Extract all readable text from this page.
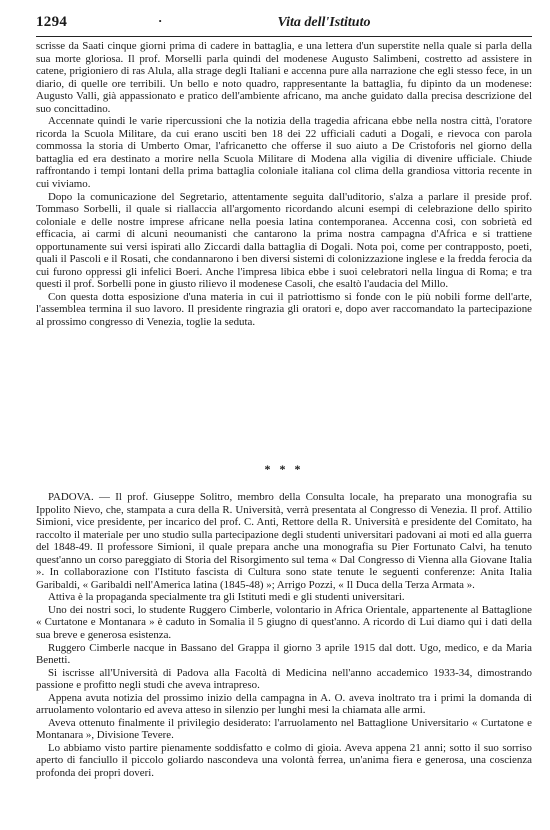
1294	·	Vita dell'Istituto

scrisse da Saati cinque giorni prima di cadere in battaglia, e una lettera d'un superstite nella quale si parla della sua morte gloriosa. Il prof. Morselli parla quindi del modenese Augusto Salimbeni, costretto ad assistere in catene, prigioniero di ras Alula, alla strage degli Italiani e accenna pure alla narrazione che egli stesso fece, in un diario, di quelle ore terribili. Un bello e noto quadro, rappresentante la battaglia, fu dipinto da un modenese: Augusto Valli, già appassionato e pratico dell'ambiente africano, ma anche guidato dalla precisa descrizione del suo concittadino.

Accennate quindi le varie ripercussioni che la notizia della tragedia africana ebbe nella nostra città, l'oratore ricorda la Scuola Militare, da cui erano usciti ben 18 dei 22 ufficiali caduti a Dogali, e rievoca con parola commossa la storia di Umberto Omar, l'africanetto che offerse il suo aiuto a De Cristoforis nel giorno della battaglia ed era destinato a morire nella Scuola Militare di Modena alla vigilia di divenire ufficiale. Chiude raffrontando i tempi lontani della prima battaglia coloniale italiana col clima della grandiosa vittoria recente in cui viviamo.

Dopo la comunicazione del Segretario, attentamente seguita dall'uditorio, s'alza a parlare il preside prof. Tommaso Sorbelli, il quale si riallaccia all'argomento ricordando alcuni esempi di celebrazione dello spirito coloniale e delle nostre imprese africane nella poesia latina contemporanea. Accenna così, con sobrietà ed efficacia, ai carmi di alcuni neoumanisti che cantarono la prima nostra campagna d'Africa e si trattiene opportunamente sui versi ispirati allo Ziccardi dalla battaglia di Dogali. Nota poi, come per contrapposto, poeti, quali il Pascoli e il Rosati, che condannarono i ben diversi sistemi di colonizzazione inglese e la fredda ferocia da cui furono oppressi gli infelici Boeri. Anche l'impresa libica ebbe i suoi celebratori nella lingua di Roma; e tra questi il prof. Sorbelli pone in giusto rilievo il modenese Casoli, che esaltò l'audacia del Millo.

Con questa dotta esposizione d'una materia in cui il patriottismo si fonde con le più nobili forme dell'arte, l'assemblea termina il suo lavoro. Il presidente ringrazia gli oratori e, dopo aver raccomandato la partecipazione al prossimo congresso di Venezia, toglie la seduta.

* * *

PADOVA. — Il prof. Giuseppe Solitro, membro della Consulta locale, ha preparato una monografia su Ippolito Nievo, che, stampata a cura della R. Università, verrà presentata al Congresso di Venezia. Il prof. Attilio Simioni, vice presidente, per incarico del prof. C. Anti, Rettore della R. Università e presidente del Comitato, ha raccolto il materiale per uno studio sulla partecipazione degli studenti universitari padovani ai moti ed alla guerra del 1848-49. Il professore Simioni, il quale prepara anche una monografia su Pier Fortunato Calvi, ha tenuto quest'anno un corso pareggiato di Storia del Risorgimento sul tema « Dal Congresso di Vienna alla Giovane Italia ». In collaborazione con l'Istituto fascista di Cultura sono state tenute le seguenti conferenze: Anita Italia Garibaldi, « Garibaldi nell'America latina (1845-48) »; Arrigo Pozzi, « Il Duca della Terza Armata ».

Attiva è la propaganda specialmente tra gli Istituti medi e gli studenti universitari.

Uno dei nostri soci, lo studente Ruggero Cimberle, volontario in Africa Orientale, appartenente al Battaglione « Curtatone e Montanara » è caduto in Somalia il 5 giugno di quest'anno. A ricordo di Lui diamo qui i dati della sua breve e generosa esistenza.

Ruggero Cimberle nacque in Bassano del Grappa il giorno 3 aprile 1915 dal dott. Ugo, medico, e da Maria Benetti.

Si iscrisse all'Università di Padova alla Facoltà di Medicina nell'anno accademico 1933-34, dimostrando passione e profitto negli studi che aveva intrapreso.

Appena avuta notizia del prossimo inizio della campagna in A. O. aveva inoltrato tra i primi la domanda di arruolamento volontario ed aveva atteso in silenzio per lunghi mesi la chiamata alle armi.

Aveva ottenuto finalmente il privilegio desiderato: l'arruolamento nel Battaglione Universitario « Curtatone e Montanara », Divisione Tevere.

Lo abbiamo visto partire pienamente soddisfatto e colmo di gioia. Aveva appena 21 anni; sotto il suo sorriso aperto di fanciullo il piccolo goliardo nascondeva una volontà ferrea, un'anima fiera e generosa, una coscienza profonda dei propri doveri.
